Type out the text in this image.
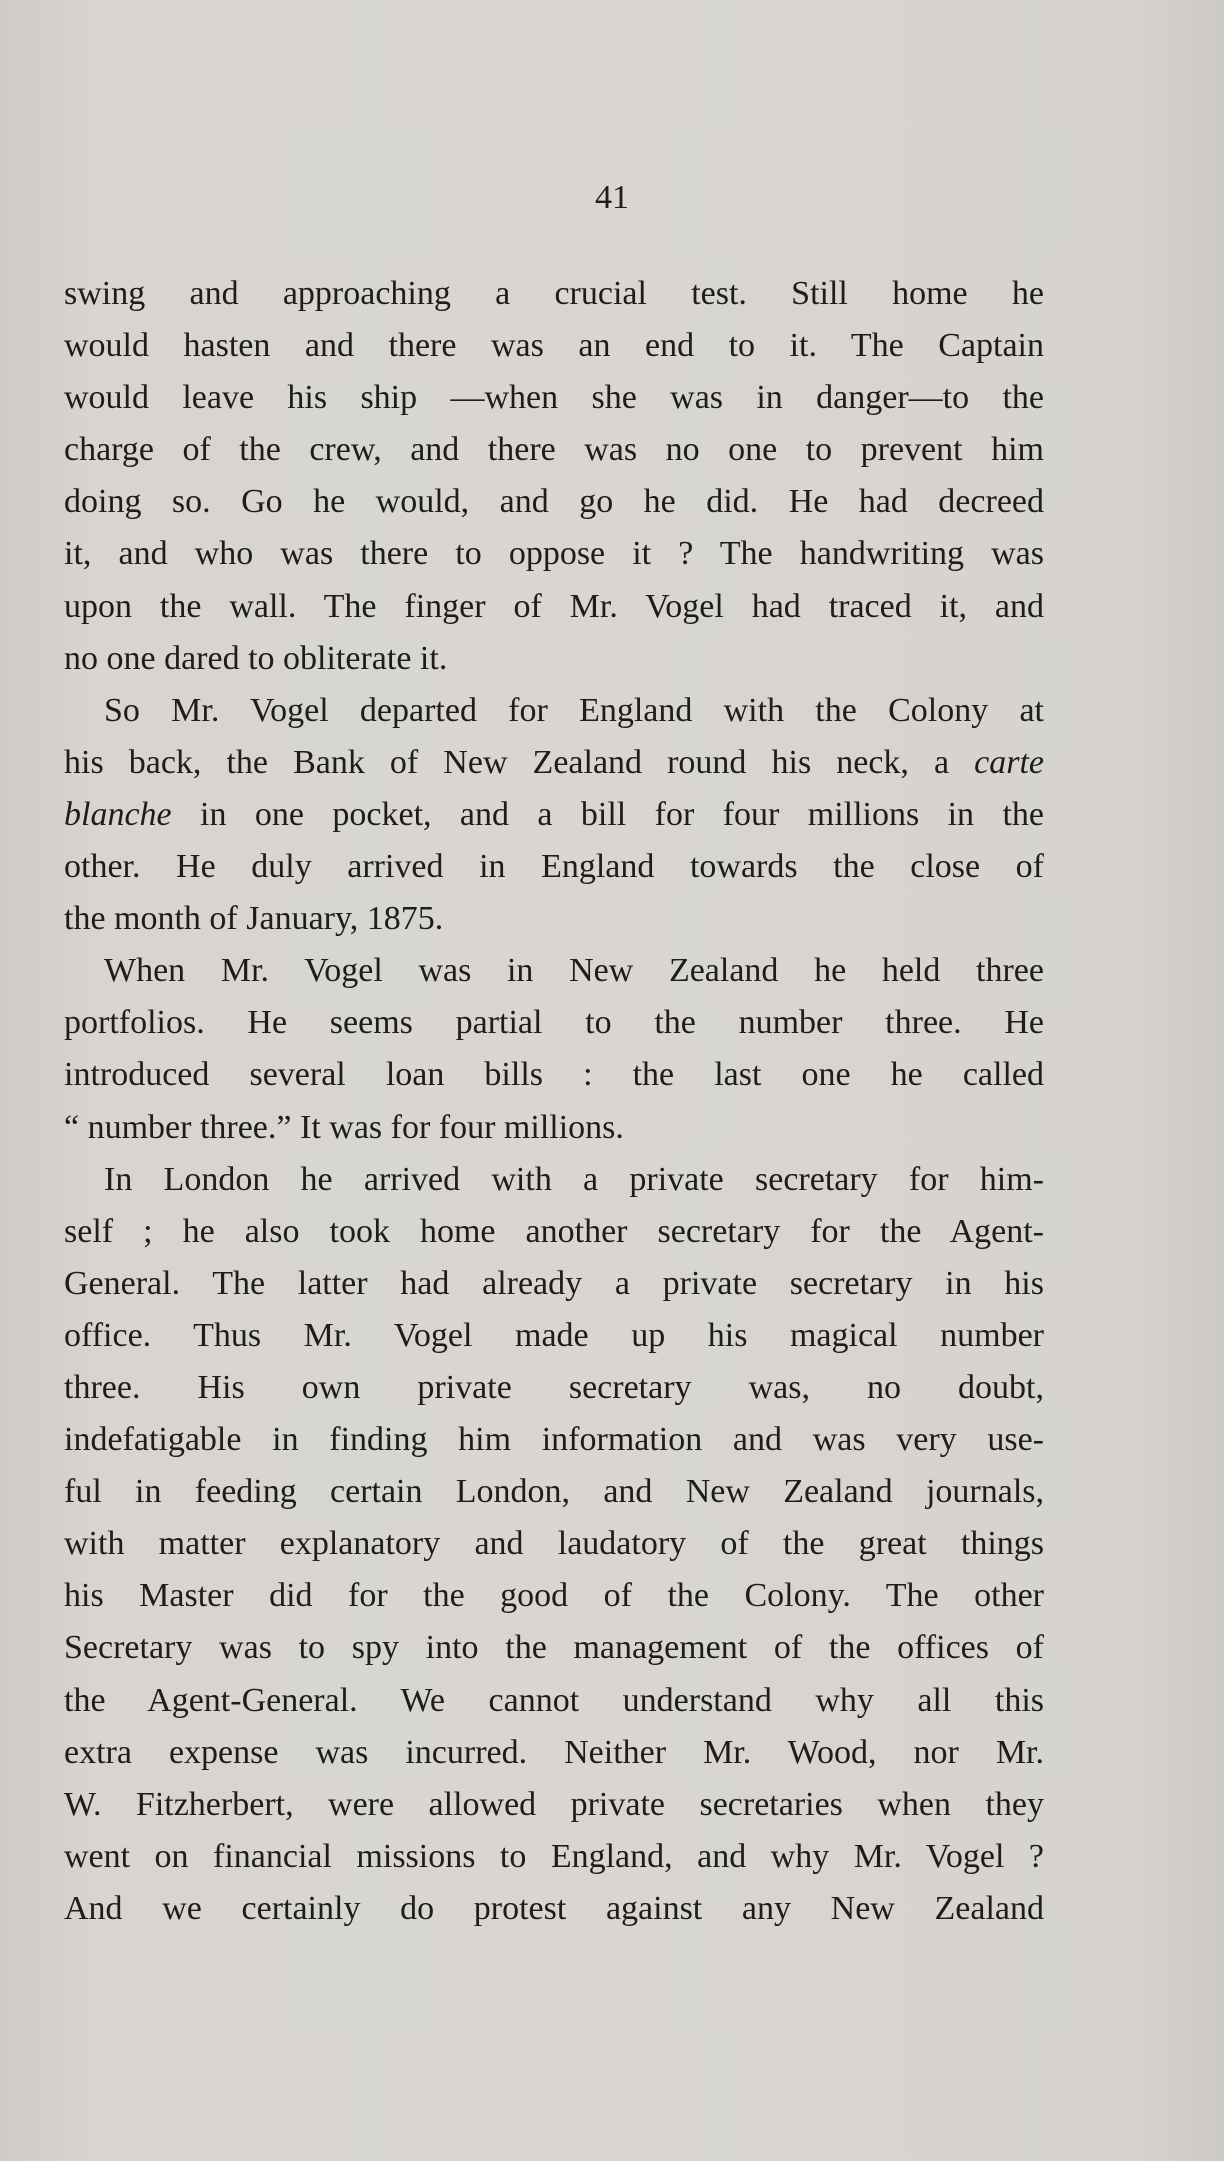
41
swing and approaching a crucial test. Still home he
would hasten and there was an end to it. The Captain
would leave his ship —when she was in danger—to the
charge of the crew, and there was no one to prevent him
doing so. Go he would, and go he did. He had decreed
it, and who was there to oppose it ? The handwriting was
upon the wall. The finger of Mr. Vogel had traced it, and
no one dared to obliterate it.
So Mr. Vogel departed for England with the Colony at
his back, the Bank of New Zealand round his neck, a carte
blanche in one pocket, and a bill for four millions in the
other. He duly arrived in England towards the close of
the month of January, 1875.
When Mr. Vogel was in New Zealand he held three
portfolios. He seems partial to the number three. He
introduced several loan bills : the last one he called
“ number three.” It was for four millions.
In London he arrived with a private secretary for him-
self ; he also took home another secretary for the Agent-
General. The latter had already a private secretary in his
office. Thus Mr. Vogel made up his magical number
three. His own private secretary was, no doubt,
indefatigable in finding him information and was very use-
ful in feeding certain London, and New Zealand journals,
with matter explanatory and laudatory of the great things
his Master did for the good of the Colony. The other
Secretary was to spy into the management of the offices of
the Agent-General. We cannot understand why all this
extra expense was incurred. Neither Mr. Wood, nor Mr.
W. Fitzherbert, were allowed private secretaries when they
went on financial missions to England, and why Mr. Vogel ?
And we certainly do protest against any New Zealand
